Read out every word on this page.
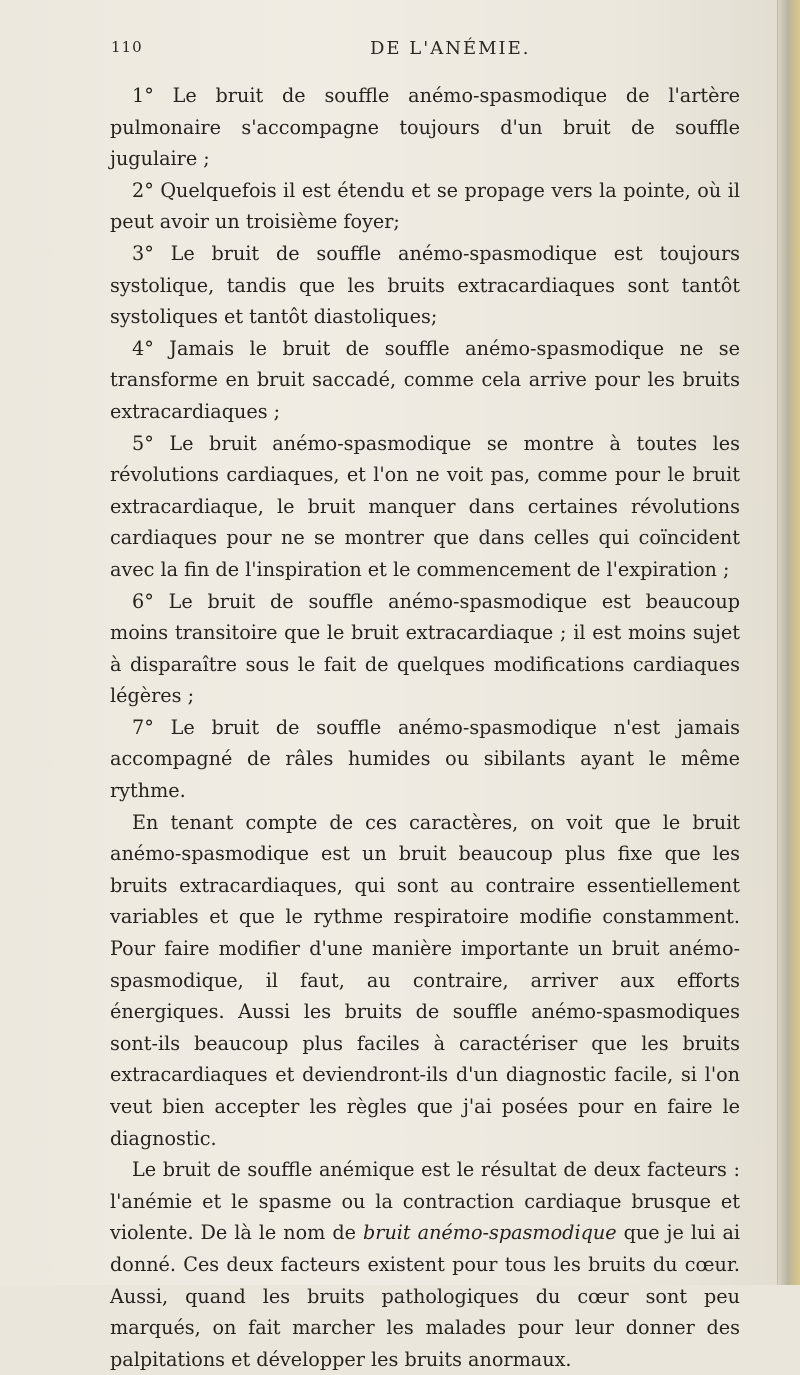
110	DE L'ANÉMIE.

1° Le bruit de souffle anémo-spasmodique de l'artère pulmonaire s'accompagne toujours d'un bruit de souffle jugulaire ;

2° Quelquefois il est étendu et se propage vers la pointe, où il peut avoir un troisième foyer;

3° Le bruit de souffle anémo-spasmodique est toujours systolique, tandis que les bruits extracardiaques sont tantôt systoliques et tantôt diastoliques;

4° Jamais le bruit de souffle anémo-spasmodique ne se transforme en bruit saccadé, comme cela arrive pour les bruits extracardiaques ;

5° Le bruit anémo-spasmodique se montre à toutes les révolutions cardiaques, et l'on ne voit pas, comme pour le bruit extracardiaque, le bruit manquer dans certaines révolutions cardiaques pour ne se montrer que dans celles qui coïncident avec la fin de l'inspiration et le commencement de l'expiration ;

6° Le bruit de souffle anémo-spasmodique est beaucoup moins transitoire que le bruit extracardiaque ; il est moins sujet à disparaître sous le fait de quelques modifications cardiaques légères ;

7° Le bruit de souffle anémo-spasmodique n'est jamais accompagné de râles humides ou sibilants ayant le même rythme.

En tenant compte de ces caractères, on voit que le bruit anémo-spasmodique est un bruit beaucoup plus fixe que les bruits extracardiaques, qui sont au contraire essentiellement variables et que le rythme respiratoire modifie constamment. Pour faire modifier d'une manière importante un bruit anémo-spasmodique, il faut, au contraire, arriver aux efforts énergiques. Aussi les bruits de souffle anémo-spasmodiques sont-ils beaucoup plus faciles à caractériser que les bruits extracardiaques et deviendront-ils d'un diagnostic facile, si l'on veut bien accepter les règles que j'ai posées pour en faire le diagnostic.

Le bruit de souffle anémique est le résultat de deux facteurs : l'anémie et le spasme ou la contraction cardiaque brusque et violente. De là le nom de bruit anémo-spasmodique que je lui ai donné. Ces deux facteurs existent pour tous les bruits du cœur. Aussi, quand les bruits pathologiques du cœur sont peu marqués, on fait marcher les malades pour leur donner des palpitations et développer les bruits anormaux.
